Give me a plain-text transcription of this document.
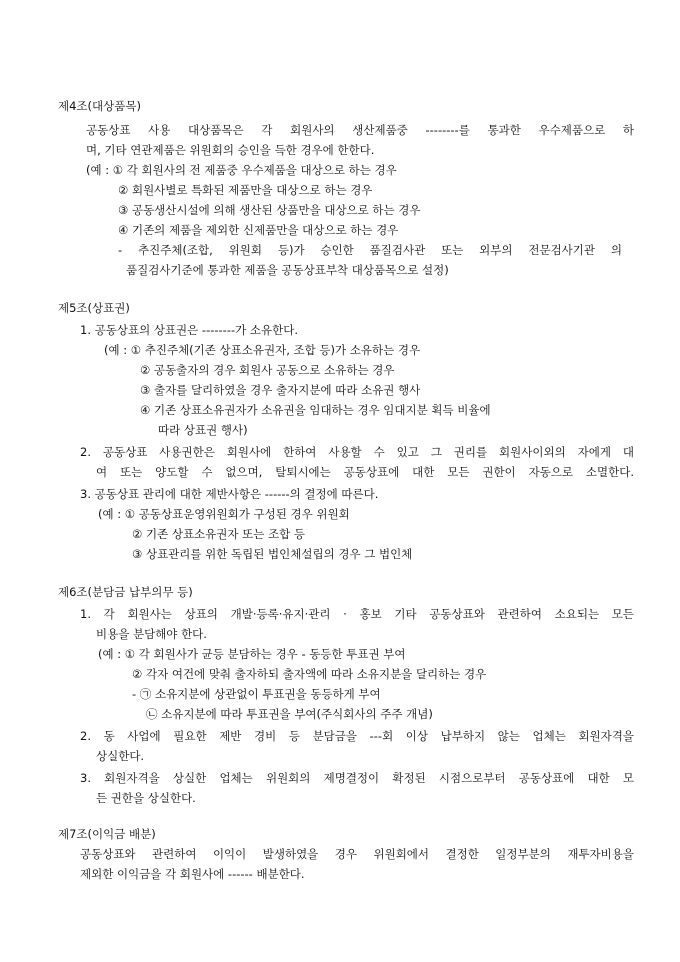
제4조(대상품목)
공동상표 사용 대상품목은 각 회원사의 생산제품중 --------를 통과한 우수제품으로 하
며, 기타 연관제품은 위원회의 승인을 득한 경우에 한한다.
(예 : ① 각 회원사의 전 제품중 우수제품을 대상으로 하는 경우
② 회원사별로 특화된 제품만을 대상으로 하는 경우
③ 공동생산시설에 의해 생산된 상품만을 대상으로 하는 경우
④ 기존의 제품을 제외한 신제품만을 대상으로 하는 경우
- 추진주체(조합, 위원회 등)가 승인한 품질검사관 또는 외부의 전문검사기관 의
품질검사기준에 통과한 제품을 공동상표부착 대상품목으로 설정)
제5조(상표권)
1. 공동상표의 상표권은 --------가 소유한다.
(예 : ① 추진주체(기존 상표소유권자, 조합 등)가 소유하는 경우
② 공동출자의 경우 회원사 공동으로 소유하는 경우
③ 출자를 달리하였을 경우 출자지분에 따라 소유권 행사
④ 기존 상표소유권자가 소유권을 임대하는 경우 임대지분 획득 비율에
따라 상표권 행사)
2. 공동상표 사용권한은 회원사에 한하여 사용할 수 있고 그 권리를 회원사이외의 자에게 대
여 또는 양도할 수 없으며, 탈퇴시에는 공동상표에 대한 모든 권한이 자동으로 소멸한다.
3. 공동상표 관리에 대한 제반사항은 ------의 결정에 따른다.
(예 : ① 공동상표운영위원회가 구성된 경우 위원회
② 기존 상표소유권자 또는 조합 등
③ 상표관리를 위한 독립된 법인체설립의 경우 그 법인체
제6조(분담금 납부의무 등)
1. 각 회원사는 상표의 개발·등록·유지·관리 · 홍보 기타 공동상표와 관련하여 소요되는 모든
비용을 분담해야 한다.
(예 : ① 각 회원사가 균등 분담하는 경우 - 동등한 투표권 부여
② 각자 여건에 맞춰 출자하되 출자액에 따라 소유지분을 달리하는 경우
- ㉠ 소유지분에 상관없이 투표권을 동등하게 부여
㉡ 소유지분에 따라 투표권을 부여(주식회사의 주주 개념)
2. 동 사업에 필요한 제반 경비 등 분담금을 ---회 이상 납부하지 않는 업체는 회원자격을
상실한다.
3. 회원자격을 상실한 업체는 위원회의 제명결정이 확정된 시점으로부터 공동상표에 대한 모
든 권한을 상실한다.
제7조(이익금 배분)
공동상표와 관련하여 이익이 발생하였을 경우 위원회에서 결정한 일정부분의 재투자비용을
제외한 이익금을 각 회원사에 ------ 배분한다.
